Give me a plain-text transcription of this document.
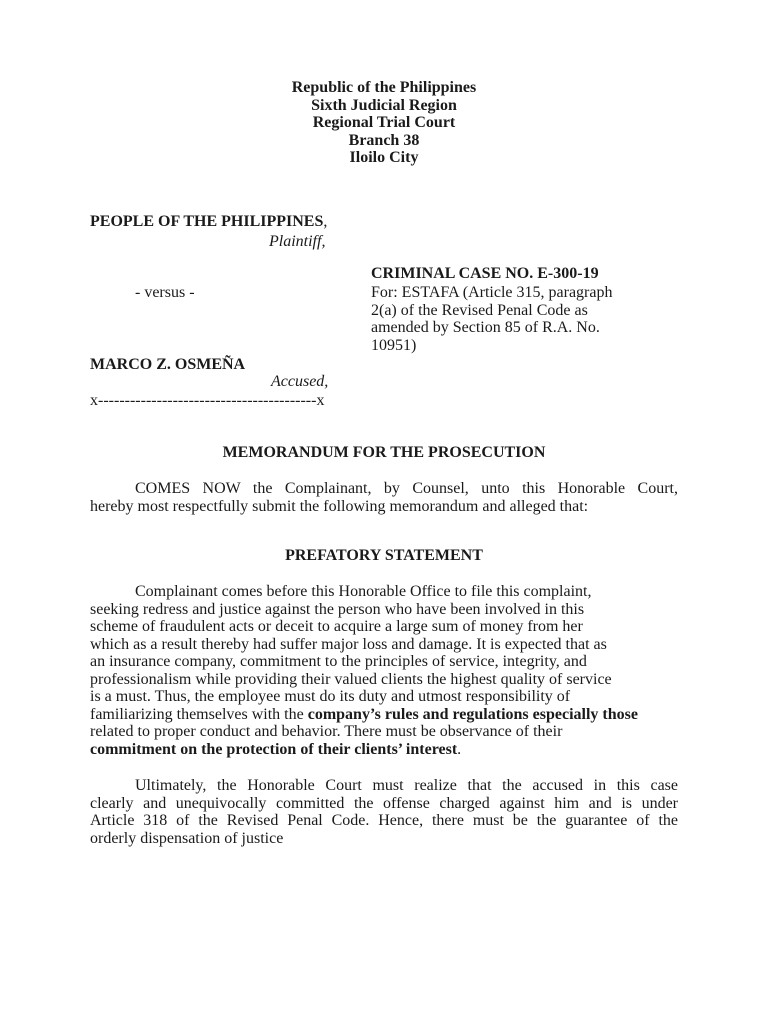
Republic of the Philippines
Sixth Judicial Region
Regional Trial Court
Branch 38
Iloilo City
PEOPLE OF THE PHILIPPINES,
Plaintiff,
CRIMINAL CASE NO. E-300-19
For: ESTAFA (Article 315, paragraph
2(a) of the Revised Penal Code as
amended by Section 85 of R.A. No.
10951)
- versus -
MARCO Z. OSMEÑA
Accused,
x-----------------------------------------x
MEMORANDUM FOR THE PROSECUTION
COMES NOW the Complainant, by Counsel, unto this Honorable Court,
hereby most respectfully submit the following memorandum and alleged that:
PREFATORY STATEMENT
Complainant comes before this Honorable Office to file this complaint,
seeking redress and justice against the person who have been involved in this
scheme of fraudulent acts or deceit to acquire a large sum of money from her
which as a result thereby had suffer major loss and damage. It is expected that as
an insurance company, commitment to the principles of service, integrity, and
professionalism while providing their valued clients the highest quality of service
is a must. Thus, the employee must do its duty and utmost responsibility of
familiarizing themselves with the company’s rules and regulations especially those
related to proper conduct and behavior. There must be observance of their
commitment on the protection of their clients’ interest.
Ultimately, the Honorable Court must realize that the accused in this case
clearly and unequivocally committed the offense charged against him and is under
Article 318 of the Revised Penal Code. Hence, there must be the guarantee of the
orderly dispensation of justice
